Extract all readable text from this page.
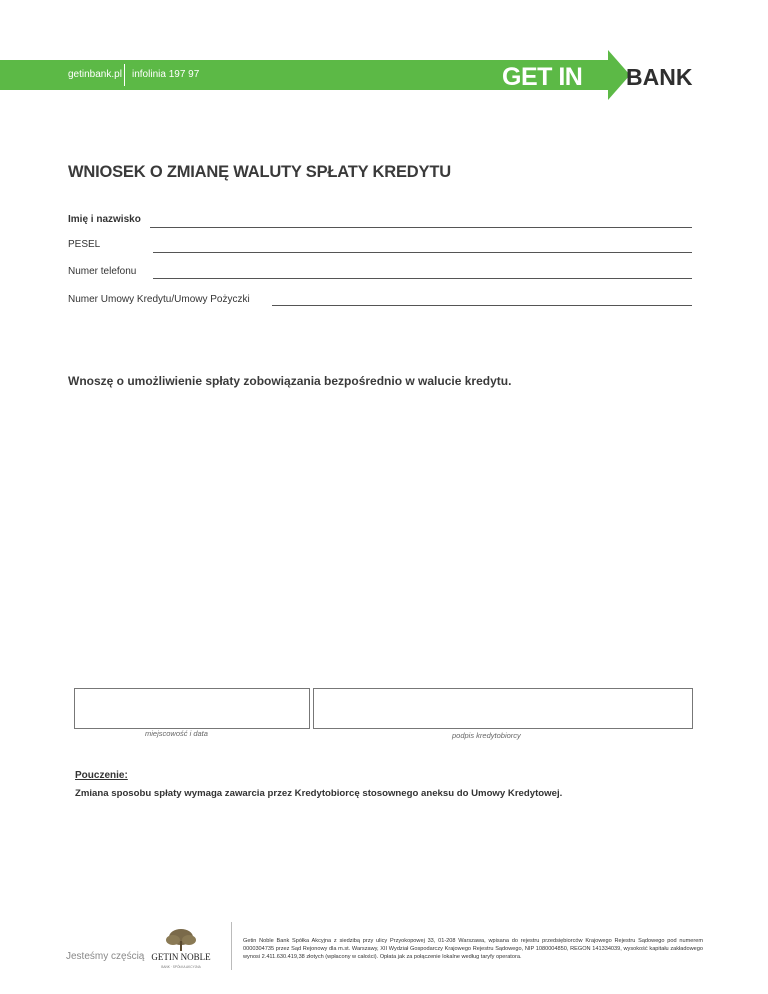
getinbank.pl infolinia 197 97	GET IN BANK
WNIOSEK O ZMIANĘ WALUTY SPŁATY KREDYTU
Imię i nazwisko
PESEL
Numer telefonu
Numer Umowy Kredytu/Umowy Pożyczki
Wnoszę o umożliwienie spłaty zobowiązania bezpośrednio w walucie kredytu.
miejscowość i data	podpis kredytobiorcy
Pouczenie:
Zmiana sposobu spłaty wymaga zawarcia przez Kredytobiorcę stosownego aneksu do Umowy Kredytowej.
Jesteśmy częścią GETIN NOBLE
BANK · SPÓŁKA AKCYJNA
Getin Noble Bank Spółka Akcyjna z siedzibą przy ulicy Przyokopowej 33, 01-208 Warszawa, wpisana do rejestru przedsiębiorców Krajowego Rejestru Sądowego pod numerem 0000304735 przez Sąd Rejonowy dla m.st. Warszawy, XII Wydział Gospodarczy Krajowego Rejestru Sądowego, NIP 1080004850, REGON 141334039, wysokość kapitału zakładowego wynosi 2.411.630.419,38 złotych (wpłacony w całości). Opłata jak za połączenie lokalne według taryfy operatora.
